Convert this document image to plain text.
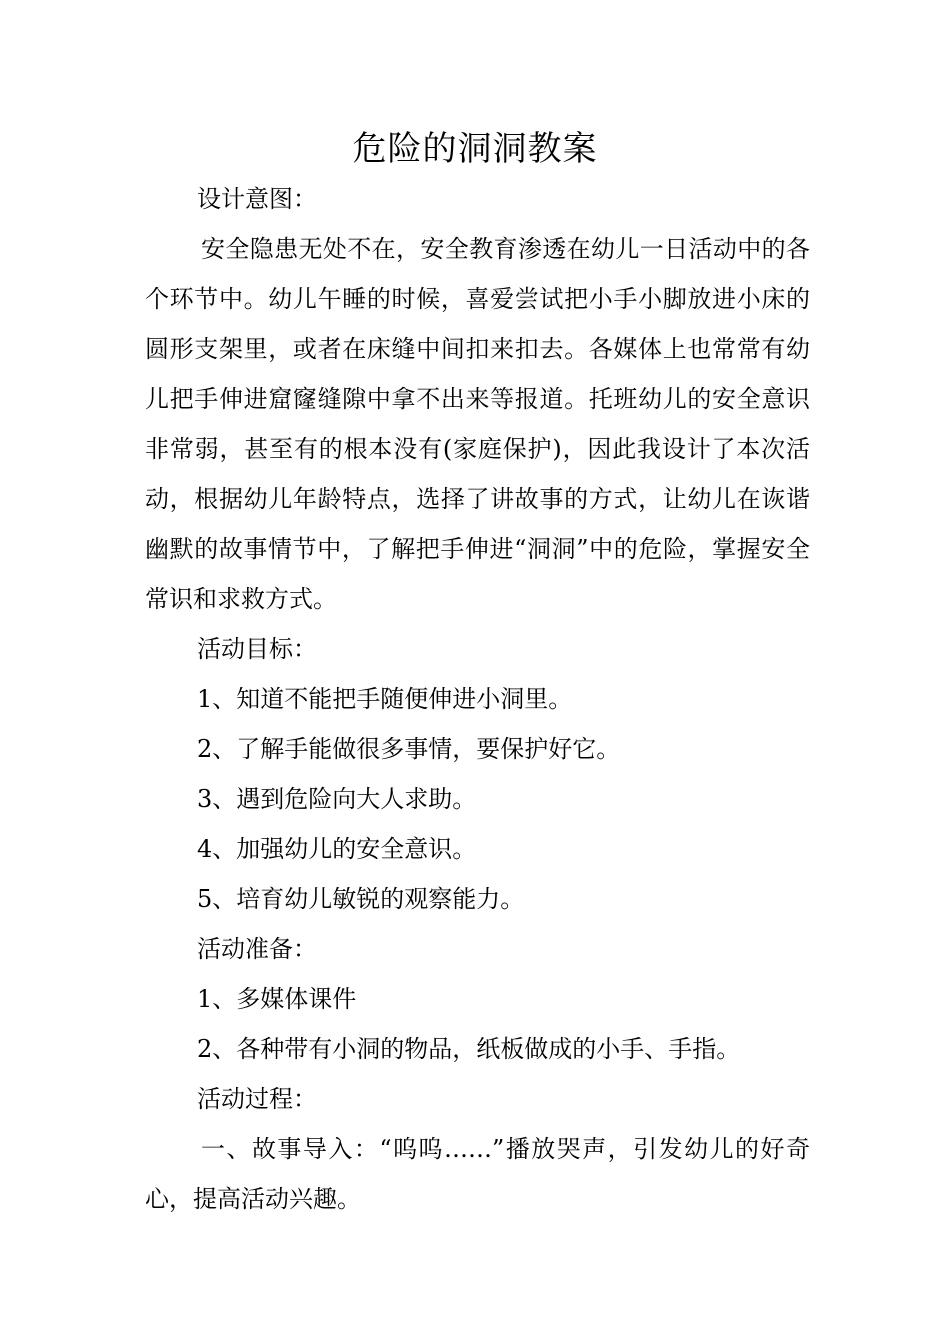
危险的洞洞教案

设计意图：

安全隐患无处不在，安全教育渗透在幼儿一日活动中的各个环节中。幼儿午睡的时候，喜爱尝试把小手小脚放进小床的圆形支架里，或者在床缝中间扣来扣去。各媒体上也常常有幼儿把手伸进窟窿缝隙中拿不出来等报道。托班幼儿的安全意识非常弱，甚至有的根本没有(家庭保护)，因此我设计了本次活动，根据幼儿年龄特点，选择了讲故事的方式，让幼儿在诙谐幽默的故事情节中，了解把手伸进“洞洞”中的危险，掌握安全常识和求救方式。

活动目标：

1、知道不能把手随便伸进小洞里。

2、了解手能做很多事情，要保护好它。

3、遇到危险向大人求助。

4、加强幼儿的安全意识。

5、培育幼儿敏锐的观察能力。

活动准备：

1、多媒体课件

2、各种带有小洞的物品，纸板做成的小手、手指。

活动过程：

一、故事导入：“呜呜……”播放哭声，引发幼儿的好奇心，提高活动兴趣。
